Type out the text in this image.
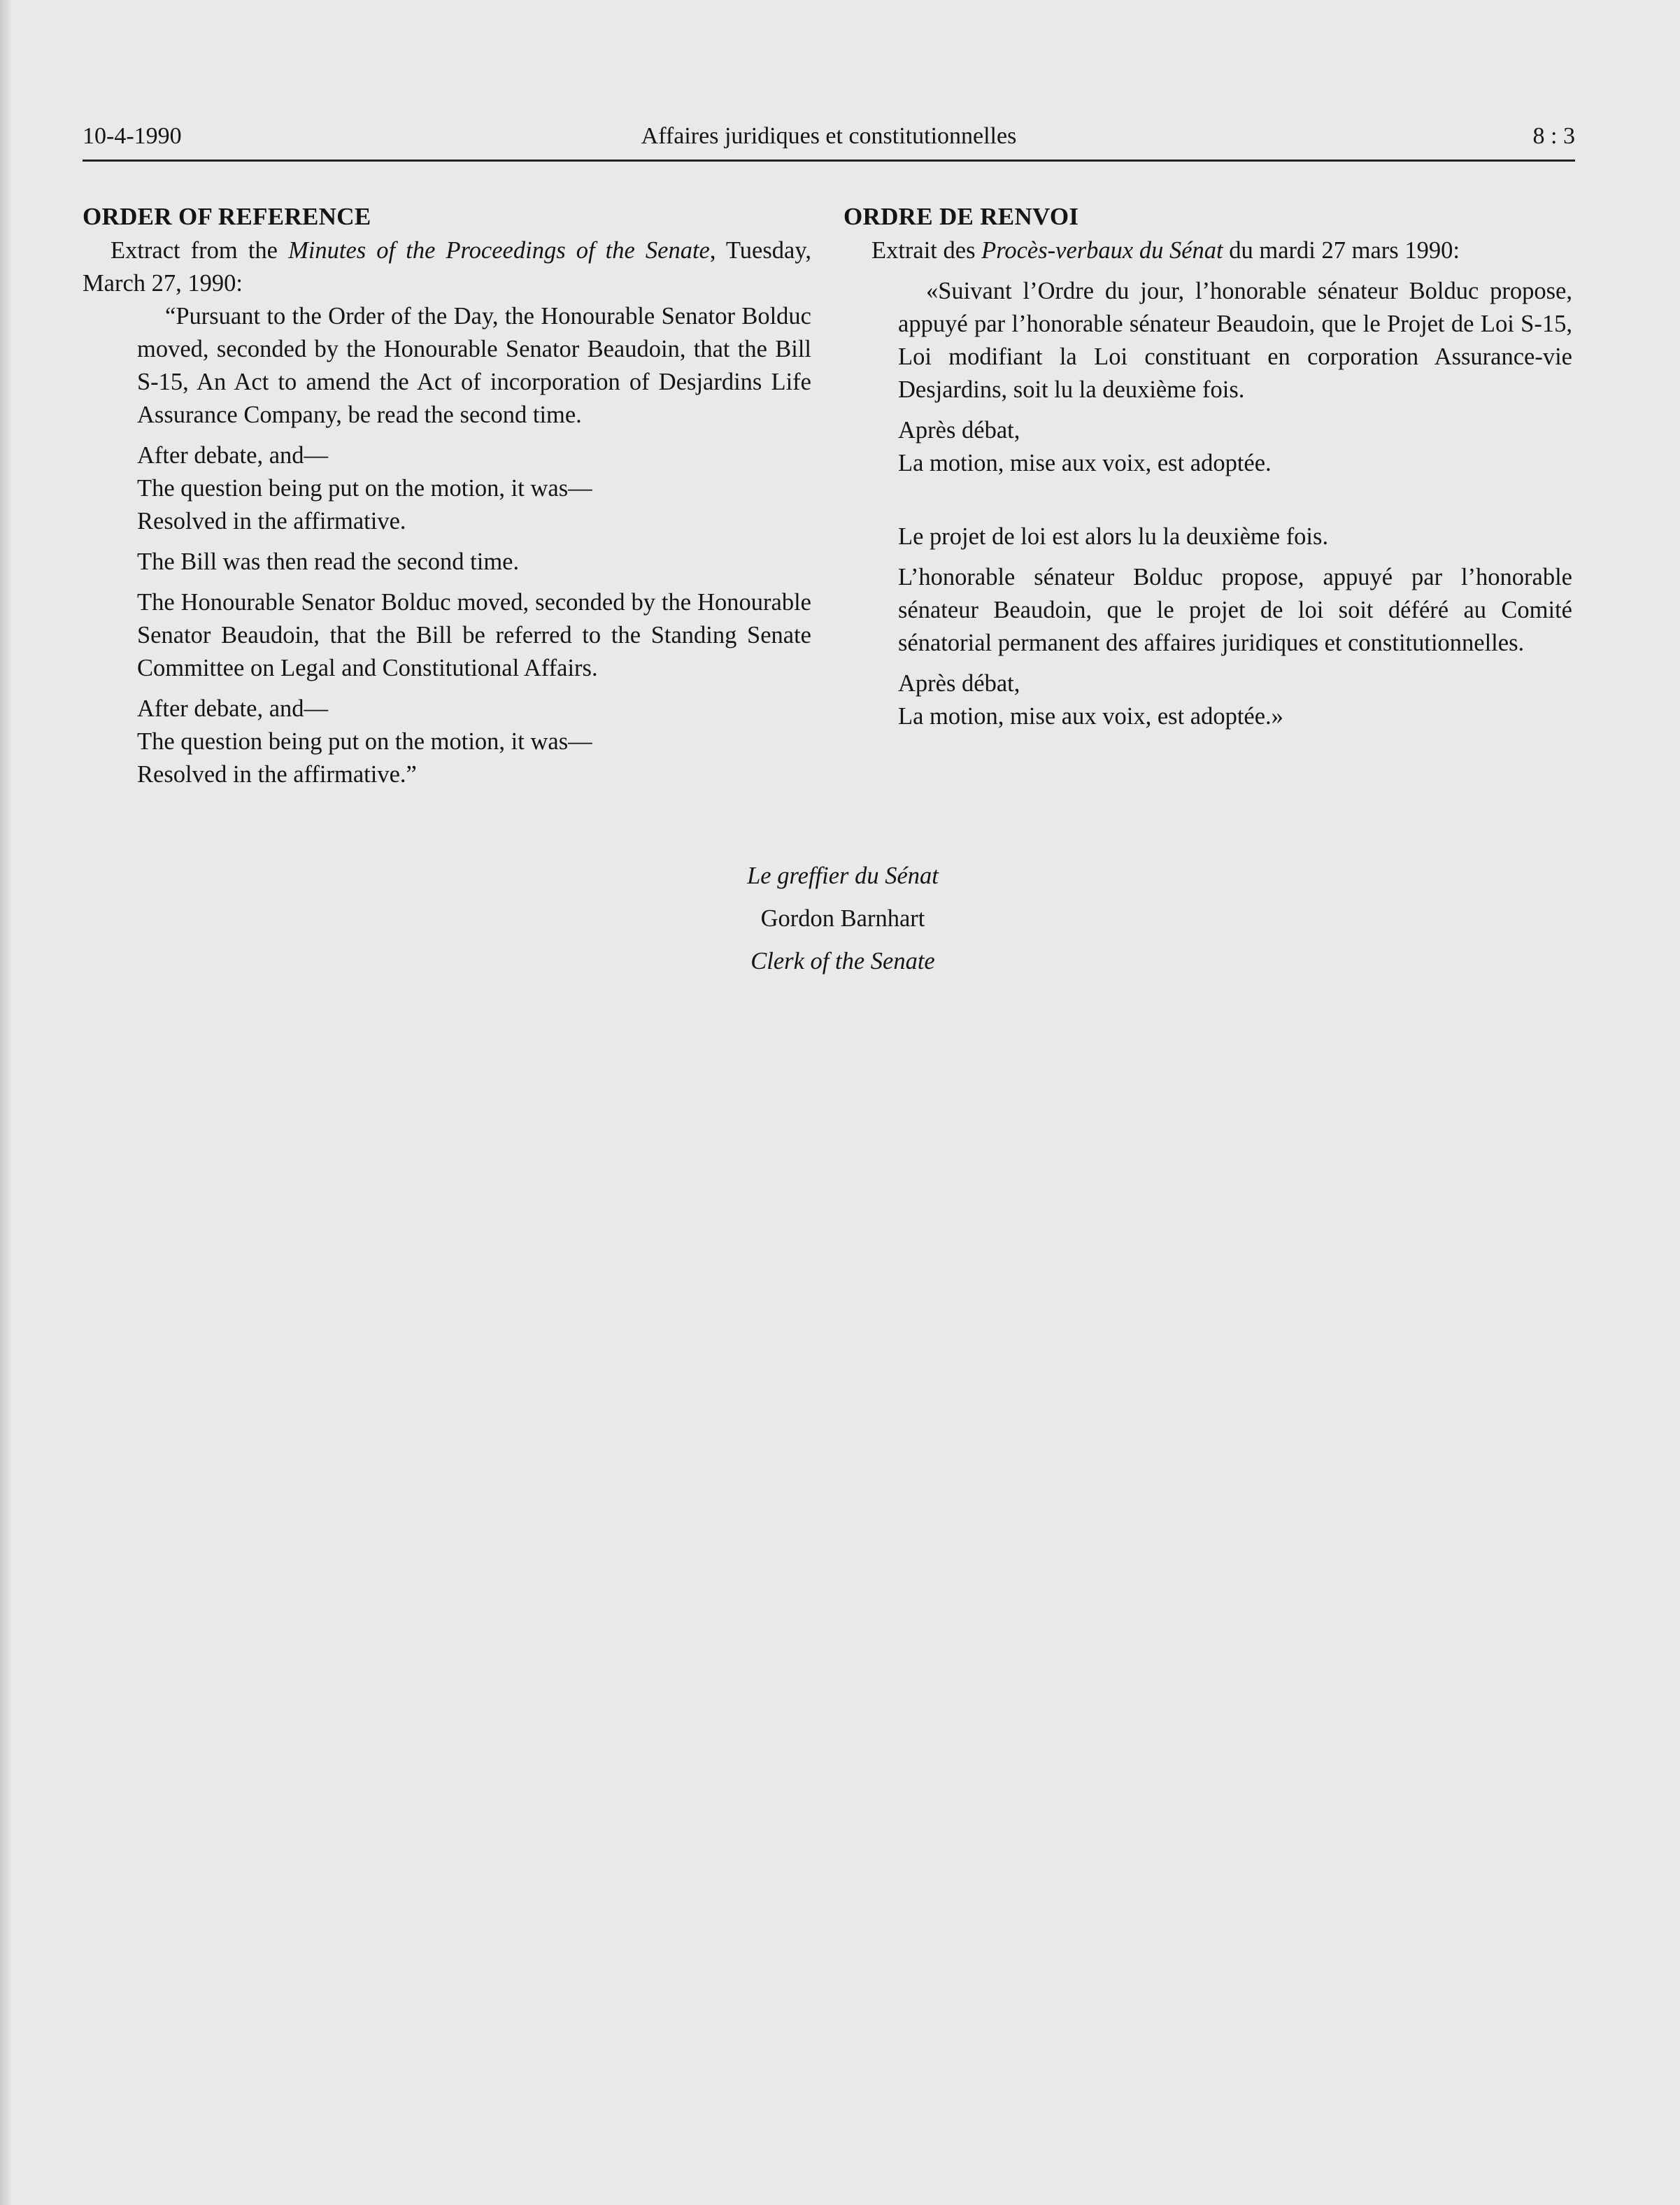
10-4-1990	Affaires juridiques et constitutionnelles	8 : 3
ORDER OF REFERENCE

Extract from the Minutes of the Proceedings of the Senate, Tuesday, March 27, 1990:

“Pursuant to the Order of the Day, the Honourable Senator Bolduc moved, seconded by the Honourable Senator Beaudoin, that the Bill S-15, An Act to amend the Act of incorporation of Desjardins Life Assurance Company, be read the second time.

After debate, and—

The question being put on the motion, it was—

Resolved in the affirmative.

The Bill was then read the second time.

The Honourable Senator Bolduc moved, seconded by the Honourable Senator Beaudoin, that the Bill be referred to the Standing Senate Committee on Legal and Constitutional Affairs.

After debate, and—

The question being put on the motion, it was—

Resolved in the affirmative.”

ORDRE DE RENVOI

Extrait des Procès-verbaux du Sénat du mardi 27 mars 1990:

«Suivant l’Ordre du jour, l’honorable sénateur Bolduc propose, appuyé par l’honorable sénateur Beaudoin, que le Projet de Loi S-15, Loi modifiant la Loi constituant en corporation Assurance-vie Desjardins, soit lu la deuxième fois.

Après débat,

La motion, mise aux voix, est adoptée.

Le projet de loi est alors lu la deuxième fois.

L’honorable sénateur Bolduc propose, appuyé par l’honorable sénateur Beaudoin, que le projet de loi soit déféré au Comité sénatorial permanent des affaires juridiques et constitutionnelles.

Après débat,

La motion, mise aux voix, est adoptée.»

Le greffier du Sénat
Gordon Barnhart
Clerk of the Senate
